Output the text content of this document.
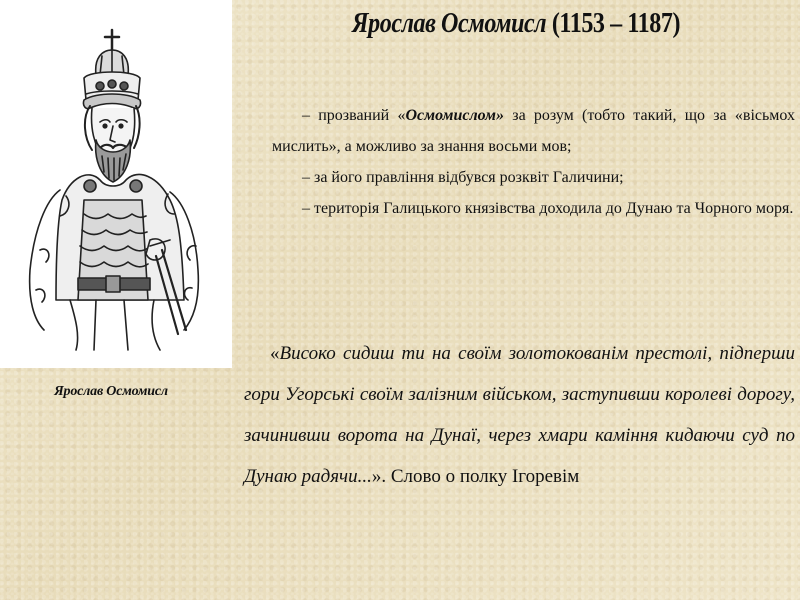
Ярослав Осмомисл
Ярослав Осмомисл (1153 – 1187)

– прозваний «Осмомислом» за розум (тобто такий, що за «вісьмох мислить», а можливо за знання восьми мов;

– за його правління відбувся розквіт Галичини;

– територія Галицького князівства доходила до Дунаю та Чорного моря.

«Високо сидиш ти на своїм золотокованім престолі, підперши гори Угорські своїм залізним військом, заступивши королеві дорогу, зачинивши ворота на Дунаї, через хмари каміння кидаючи суд по Дунаю радячи...». Слово о полку Ігоревім
